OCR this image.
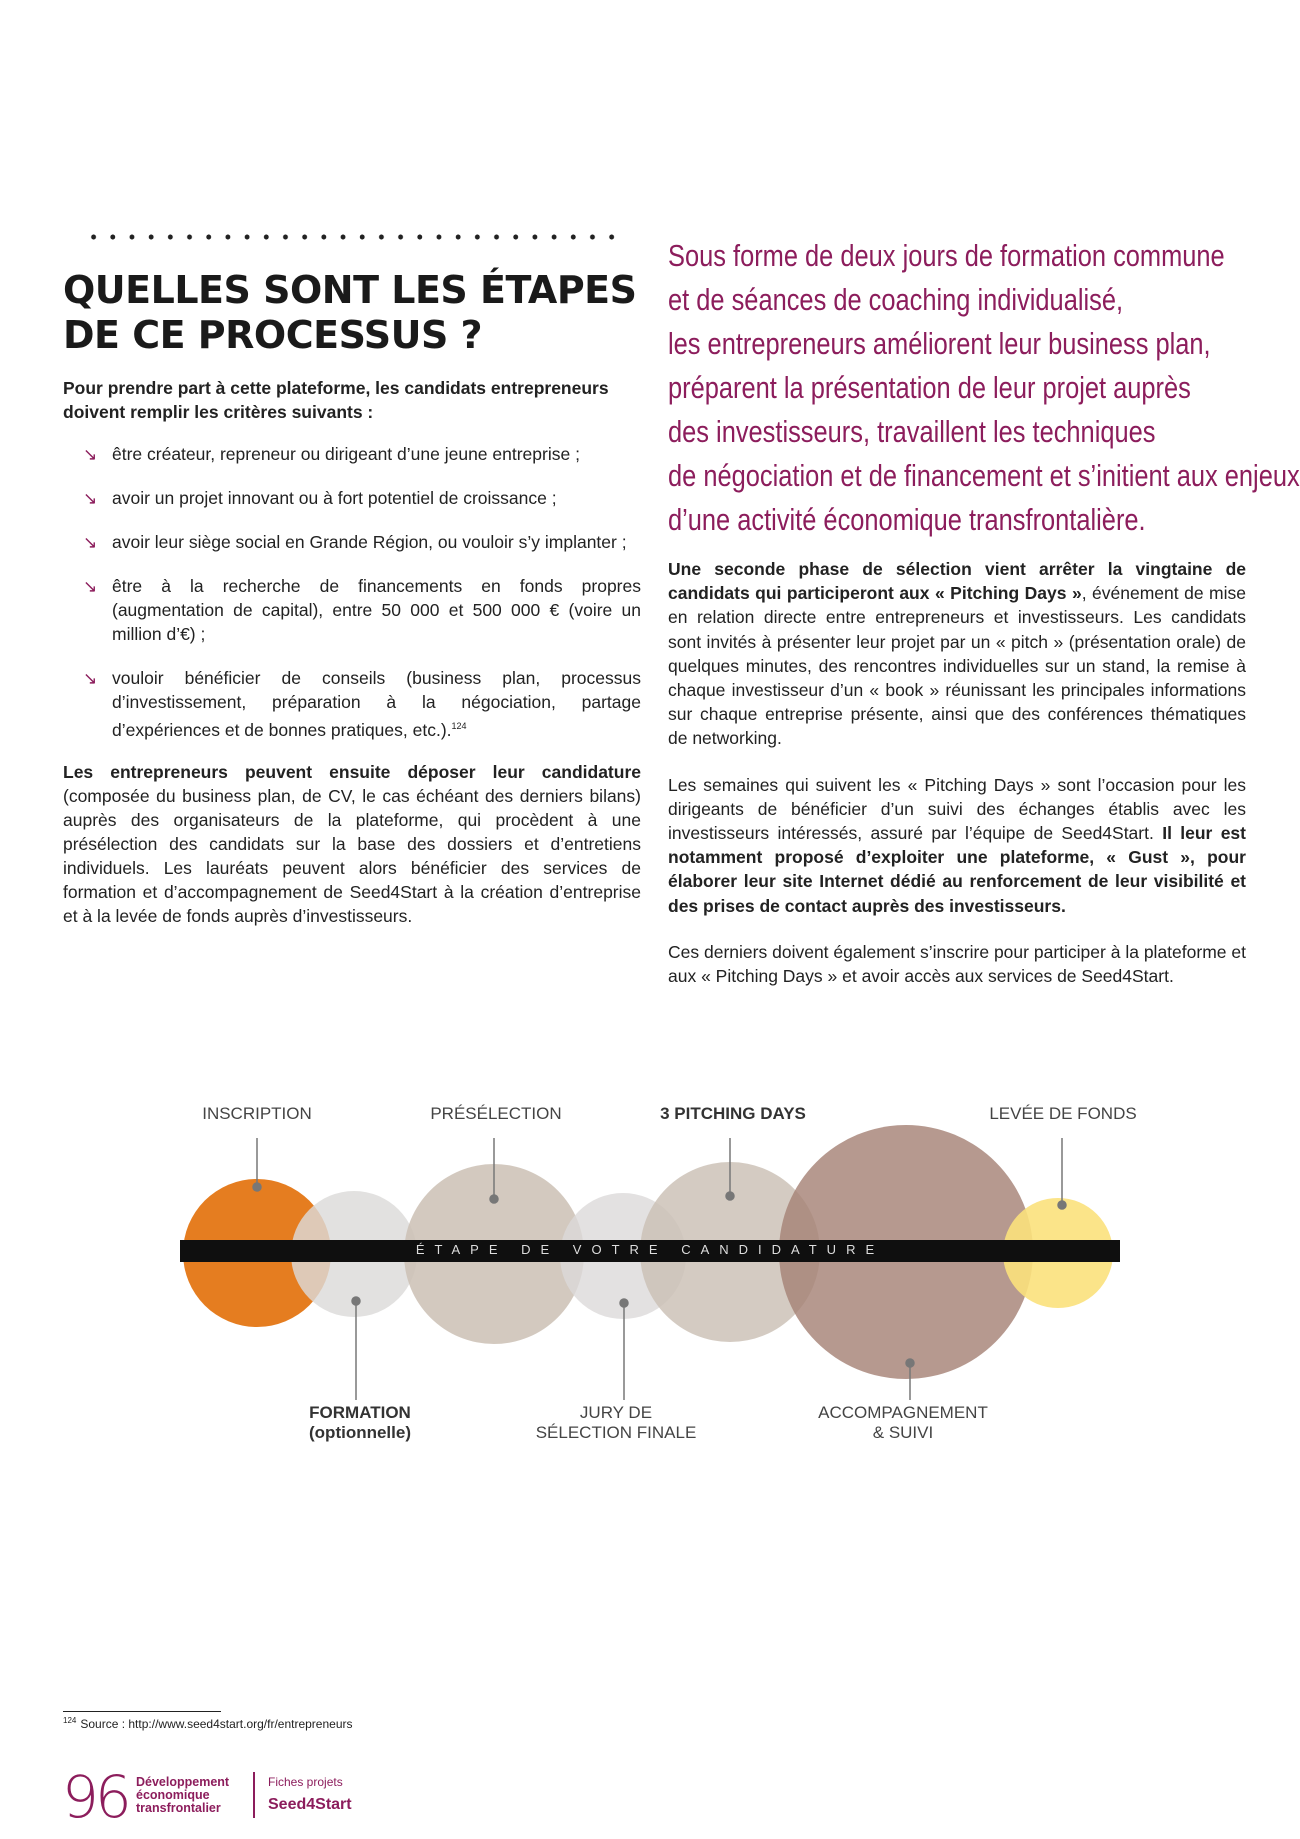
QUELLES SONT LES ÉTAPES
DE CE PROCESSUS ?

Pour prendre part à cette plateforme, les candidats entrepreneurs doivent remplir les critères suivants :

↘ être créateur, repreneur ou dirigeant d’une jeune entreprise ;
↘ avoir un projet innovant ou à fort potentiel de croissance ;
↘ avoir leur siège social en Grande Région, ou vouloir s’y implanter ;
↘ être à la recherche de financements en fonds propres (augmentation de capital), entre 50 000 et 500 000 € (voire un million d’€) ;
↘ vouloir bénéficier de conseils (business plan, processus d’investissement, préparation à la négociation, partage d’expériences et de bonnes pratiques, etc.).$^{124}$

Les entrepreneurs peuvent ensuite déposer leur candidature (composée du business plan, de CV, le cas échéant des derniers bilans) auprès des organisateurs de la plateforme, qui procèdent à une présélection des candidats sur la base des dossiers et d’entretiens individuels. Les lauréats peuvent alors bénéficier des services de formation et d’accompagnement de Seed4Start à la création d’entreprise et à la levée de fonds auprès d’investisseurs.

Sous forme de deux jours de formation commune
et de séances de coaching individualisé,
les entrepreneurs améliorent leur business plan,
préparent la présentation de leur projet auprès
des investisseurs, travaillent les techniques
de négociation et de financement et s’initient aux enjeux
d’une activité économique transfrontalière.

Une seconde phase de sélection vient arrêter la vingtaine de candidats qui participeront aux « Pitching Days », événement de mise en relation directe entre entrepreneurs et investisseurs. Les candidats sont invités à présenter leur projet par un « pitch » (présentation orale) de quelques minutes, des rencontres individuelles sur un stand, la remise à chaque investisseur d’un « book » réunissant les principales informations sur chaque entreprise présente, ainsi que des conférences thématiques de networking.

Les semaines qui suivent les « Pitching Days » sont l’occasion pour les dirigeants de bénéficier d’un suivi des échanges établis avec les investisseurs intéressés, assuré par l’équipe de Seed4Start. Il leur est notamment proposé d’exploiter une plateforme, « Gust », pour élaborer leur site Internet dédié au renforcement de leur visibilité et des prises de contact auprès des investisseurs.

Ces derniers doivent également s’inscrire pour participer à la plateforme et aux « Pitching Days » et avoir accès aux services de Seed4Start.

ÉTAPE DE VOTRE CANDIDATURE
INSCRIPTION	PRÉSÉLECTION	3 PITCHING DAYS	LEVÉE DE FONDS
FORMATION
(optionnelle)
JURY DE
SÉLECTION FINALE
ACCOMPAGNEMENT
& SUIVI
$^{124}$ Source : http://www.seed4start.org/fr/entrepreneurs
96 Développement
économique
transfrontalier
Fiches projets
Seed4Start
